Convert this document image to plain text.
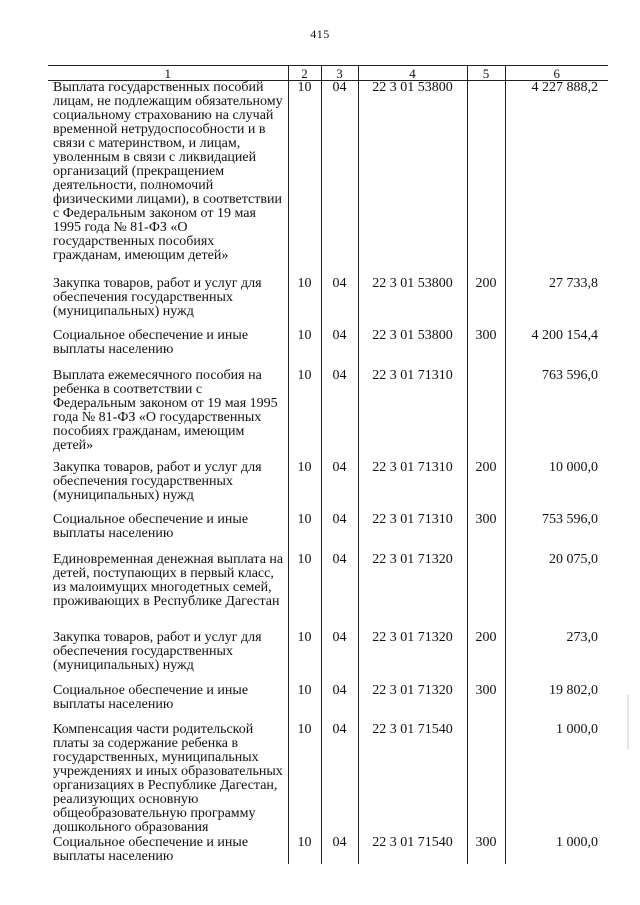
415
1	2	3	4	5	6
Выплата государственных пособий лицам, не подлежащим обязательному социальному страхованию на случай временной нетрудоспособности и в связи с материнством, и лицам, уволенным в связи с ликвидацией организаций (прекращением деятельности, полномочий физическими лицами), в соответствии с Федеральным законом от 19 мая 1995 года № 81-ФЗ «О государственных пособиях гражданам, имеющим детей»	10	04	22 3 01 53800		4 227 888,2
Закупка товаров, работ и услуг для обеспечения государственных (муниципальных) нужд	10	04	22 3 01 53800	200	27 733,8
Социальное обеспечение и иные выплаты населению	10	04	22 3 01 53800	300	4 200 154,4
Выплата ежемесячного пособия на ребенка в соответствии с Федеральным законом от 19 мая 1995 года № 81-ФЗ «О государственных пособиях гражданам, имеющим детей»	10	04	22 3 01 71310		763 596,0
Закупка товаров, работ и услуг для обеспечения государственных (муниципальных) нужд	10	04	22 3 01 71310	200	10 000,0
Социальное обеспечение и иные выплаты населению	10	04	22 3 01 71310	300	753 596,0
Единовременная денежная выплата на детей, поступающих в первый класс, из малоимущих многодетных семей, проживающих в Республике Дагестан	10	04	22 3 01 71320		20 075,0
Закупка товаров, работ и услуг для обеспечения государственных (муниципальных) нужд	10	04	22 3 01 71320	200	273,0
Социальное обеспечение и иные выплаты населению	10	04	22 3 01 71320	300	19 802,0
Компенсация части родительской платы за содержание ребенка в государственных, муниципальных учреждениях и иных образовательных организациях в Республике Дагестан, реализующих основную общеобразовательную программу дошкольного образования	10	04	22 3 01 71540		1 000,0
Социальное обеспечение и иные выплаты населению	10	04	22 3 01 71540	300	1 000,0
